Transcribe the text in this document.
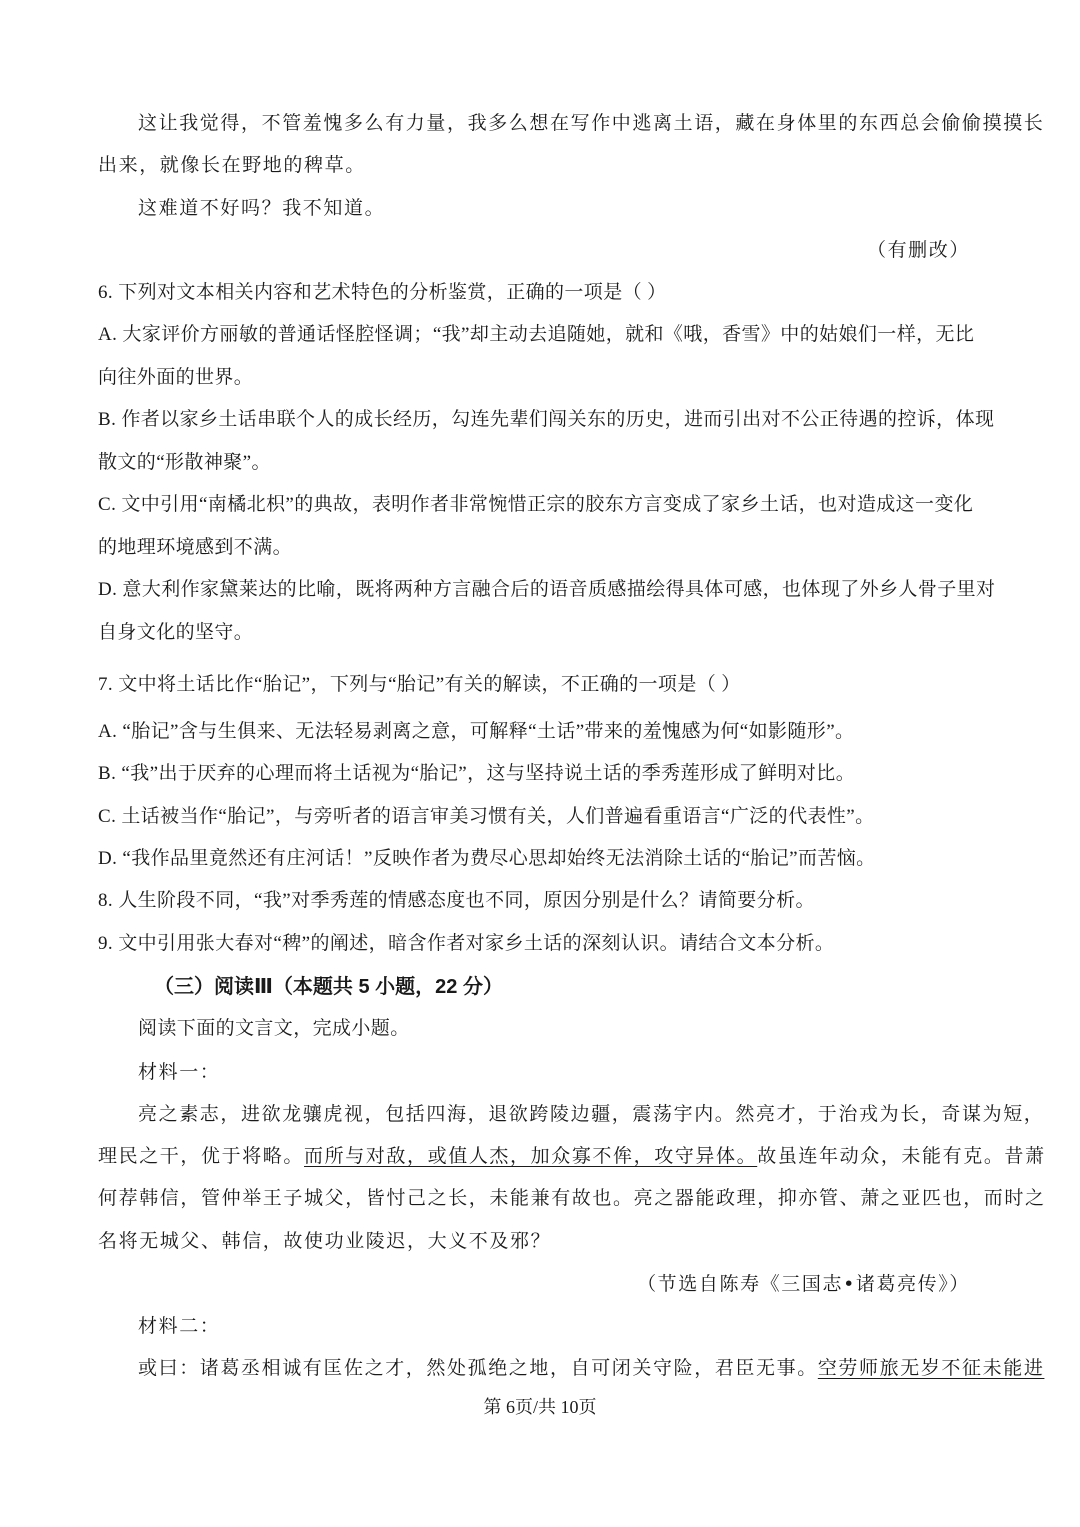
这让我觉得，不管羞愧多么有力量，我多么想在写作中逃离土语，藏在身体里的东西总会偷偷摸摸长
出来，就像长在野地的稗草。
这难道不好吗？我不知道。
（有删改）
6. 下列对文本相关内容和艺术特色的分析鉴赏，正确的一项是（ ）
A. 大家评价方丽敏的普通话怪腔怪调；“我”却主动去追随她，就和《哦，香雪》中的姑娘们一样，无比
向往外面的世界。
B. 作者以家乡土话串联个人的成长经历，勾连先辈们闯关东的历史，进而引出对不公正待遇的控诉，体现
散文的“形散神聚”。
C. 文中引用“南橘北枳”的典故，表明作者非常惋惜正宗的胶东方言变成了家乡土话，也对造成这一变化
的地理环境感到不满。
D. 意大利作家黛莱达的比喻，既将两种方言融合后的语音质感描绘得具体可感，也体现了外乡人骨子里对
自身文化的坚守。
7. 文中将土话比作“胎记”，下列与“胎记”有关的解读，不正确的一项是（ ）
A. “胎记”含与生俱来、无法轻易剥离之意，可解释“土话”带来的羞愧感为何“如影随形”。
B. “我”出于厌弃的心理而将土话视为“胎记”，这与坚持说土话的季秀莲形成了鲜明对比。
C. 土话被当作“胎记”，与旁听者的语言审美习惯有关，人们普遍看重语言“广泛的代表性”。
D. “我作品里竟然还有庄河话！”反映作者为费尽心思却始终无法消除土话的“胎记”而苦恼。
8. 人生阶段不同，“我”对季秀莲的情感态度也不同，原因分别是什么？请简要分析。
9. 文中引用张大春对“稗”的阐述，暗含作者对家乡土话的深刻认识。请结合文本分析。
（三）阅读Ⅲ（本题共 5 小题，22 分）
阅读下面的文言文，完成小题。
材料一：
亮之素志，进欲龙骧虎视，包括四海，退欲跨陵边疆，震荡宇内。然亮才，于治戎为长，奇谋为短，
理民之干，优于将略。而所与对敌，或值人杰，加众寡不侔，攻守异体。故虽连年动众，未能有克。昔萧
何荐韩信，管仲举王子城父，皆忖己之长，未能兼有故也。亮之器能政理，抑亦管、萧之亚匹也，而时之
名将无城父、韩信，故使功业陵迟，大义不及邪？
（节选自陈寿《三国志•诸葛亮传》）
材料二：
或曰：诸葛丞相诚有匡佐之才，然处孤绝之地，自可闭关守险，君臣无事。空劳师旅无岁不征未能进
第 6页/共 10页
